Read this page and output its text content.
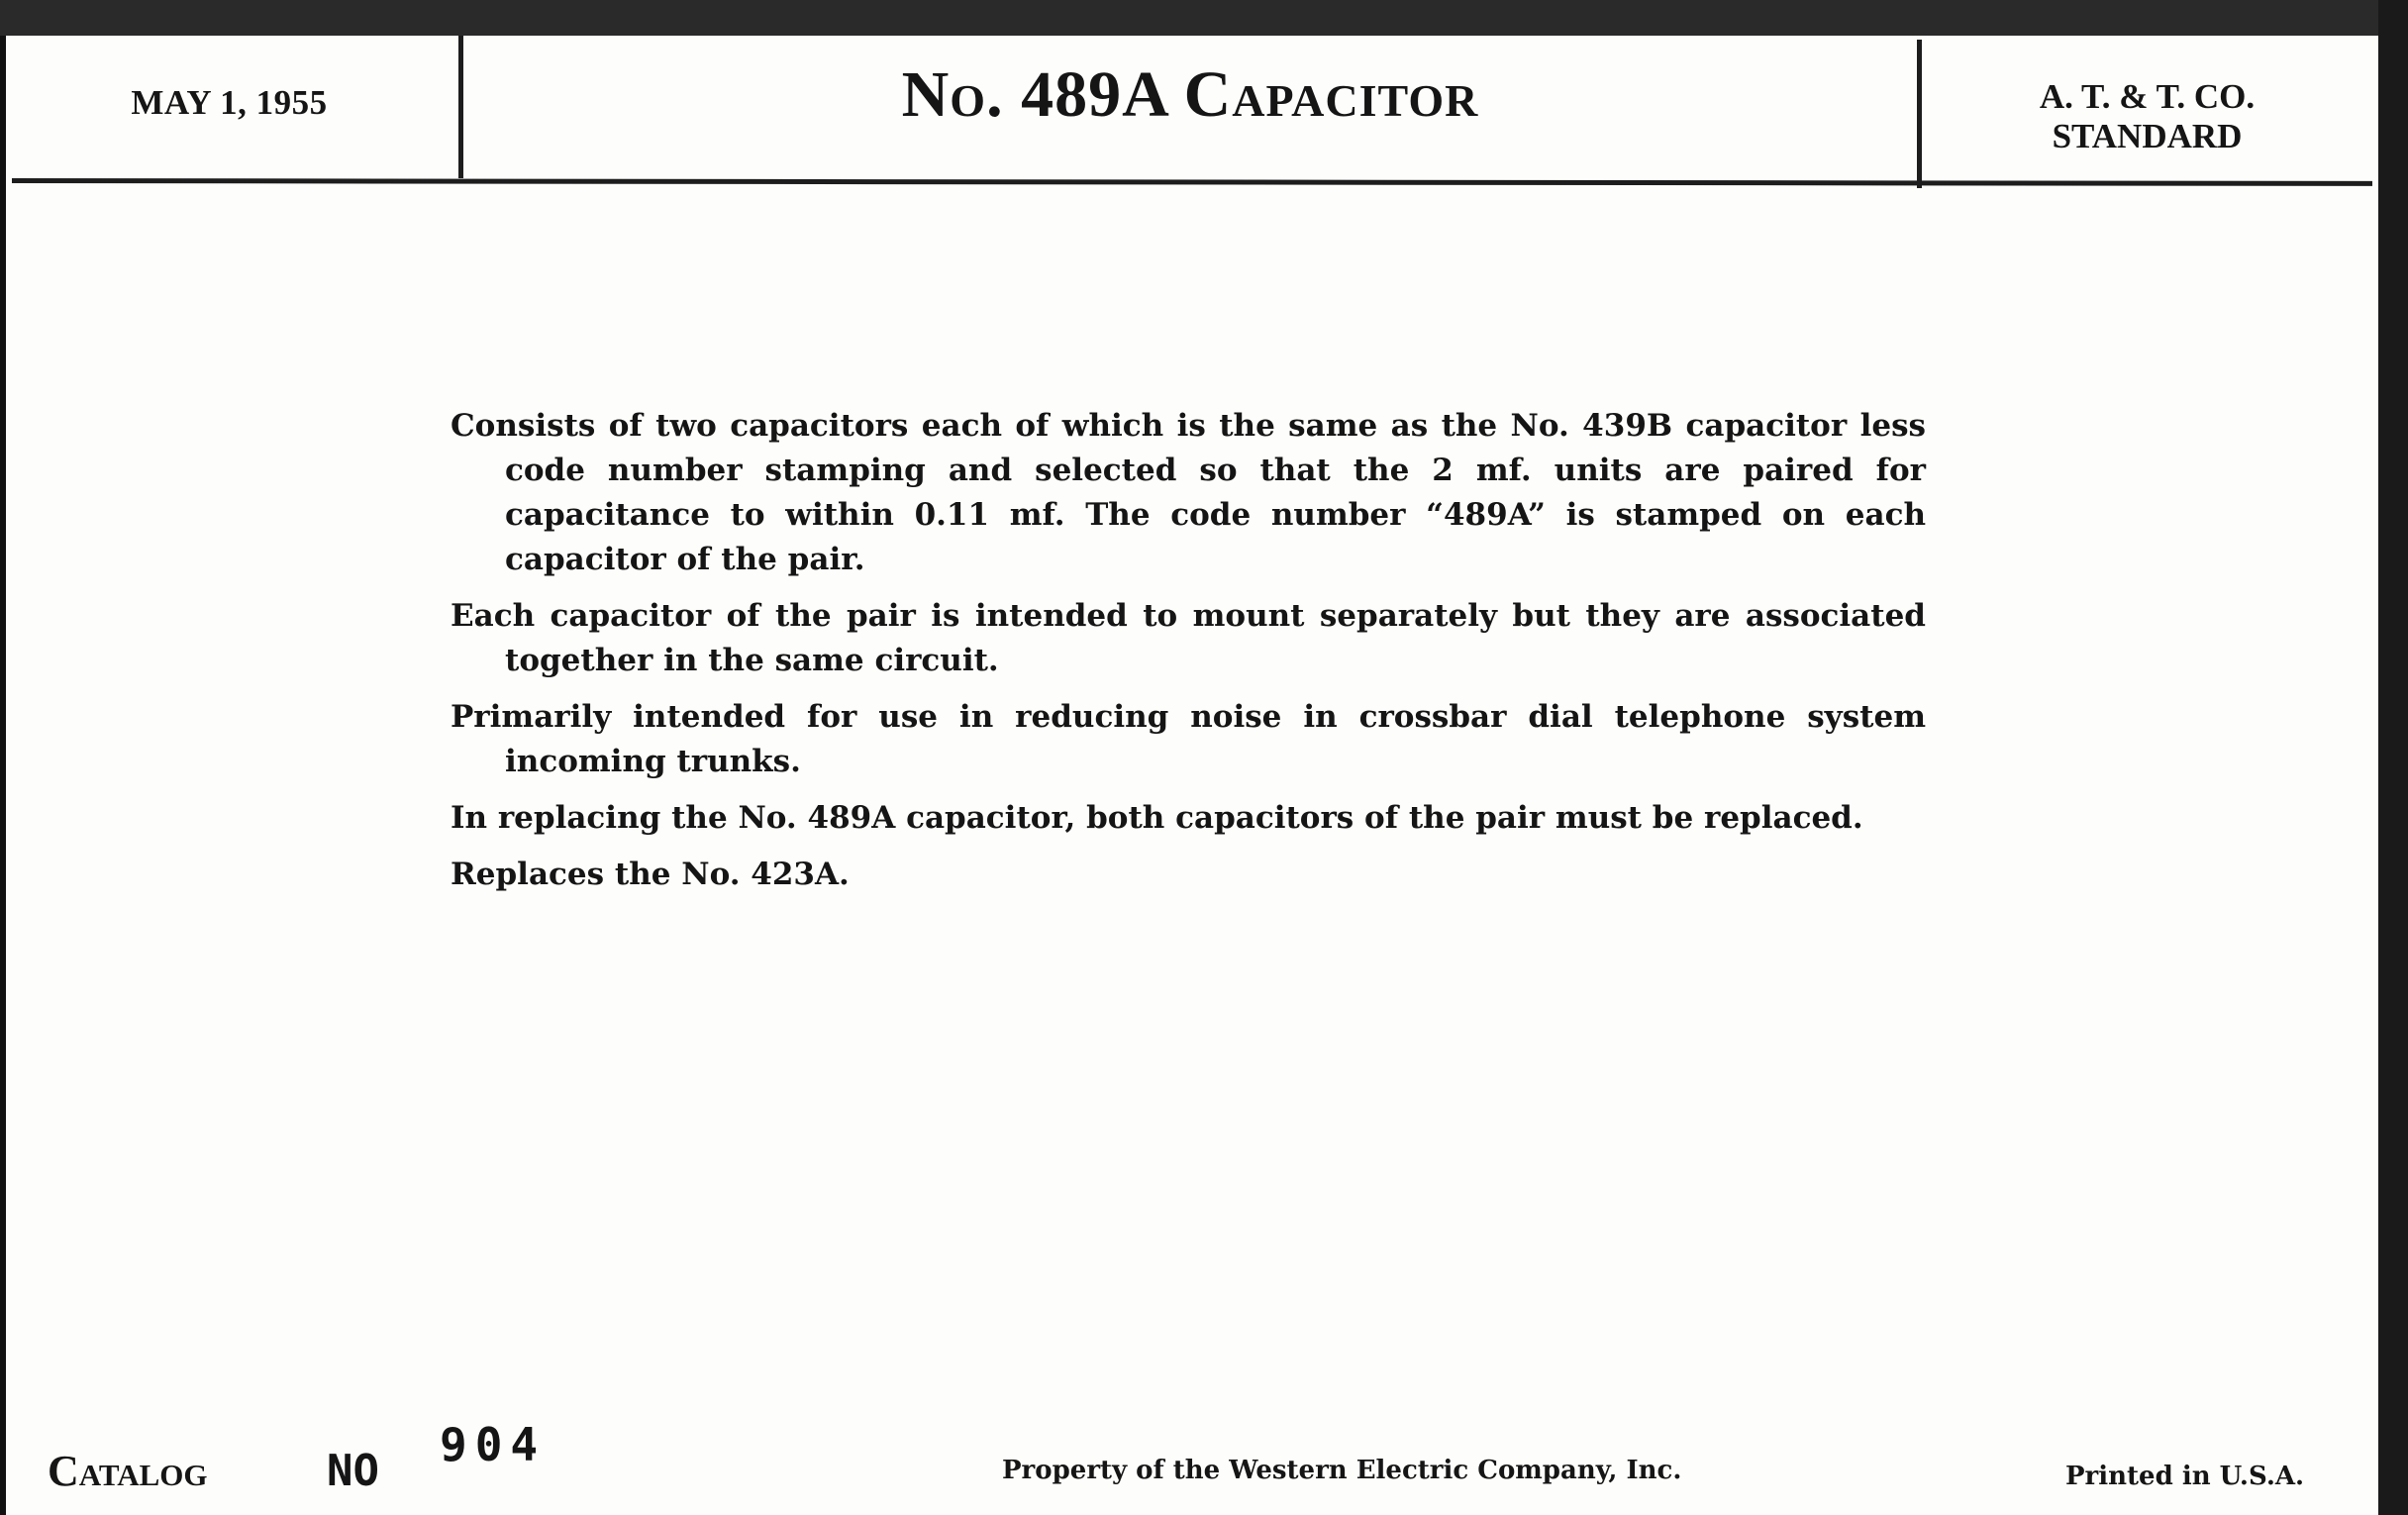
MAY 1, 1955	No. 489A Capacitor	A. T. & T. CO.
STANDARD

Consists of two capacitors each of which is the same as the No. 439B capacitor less code number stamping and selected so that the 2 mf. units are paired for capacitance to within 0.11 mf. The code number “489A” is stamped on each capacitor of the pair.

Each capacitor of the pair is intended to mount separately but they are associated together in the same circuit.

Primarily intended for use in reducing noise in crossbar dial telephone system incoming trunks.

In replacing the No. 489A capacitor, both capacitors of the pair must be replaced.

Replaces the No. 423A.

Catalog	NO 904	Property of the Western Electric Company, Inc.	Printed in U.S.A.
